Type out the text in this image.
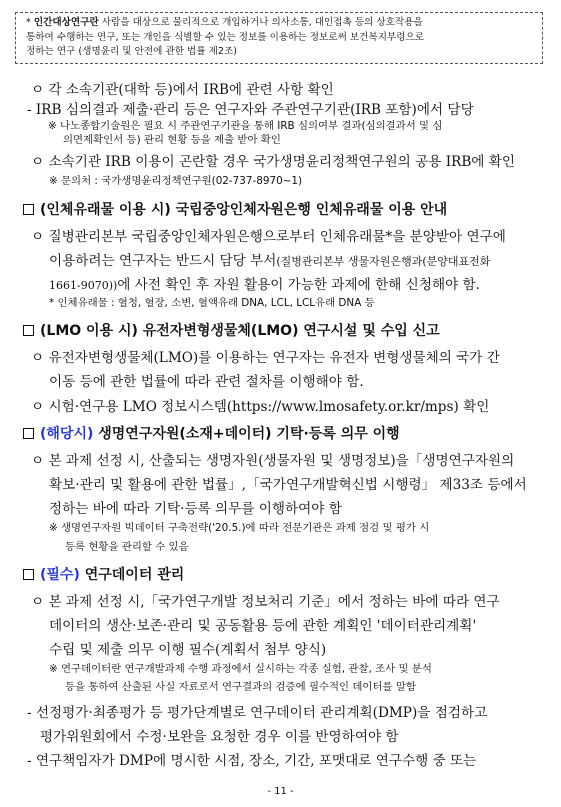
* 인간대상연구란 사람을 대상으로 물리적으로 개입하거나 의사소통, 대인접촉 등의 상호작용을
통하여 수행하는 연구, 또는 개인을 식별할 수 있는 정보를 이용하는 정보로써 보건복지부령으로
정하는 연구 (생명윤리 및 안전에 관한 법률 제2조)
ㅇ 각 소속기관(대학 등)에서 IRB에 관련 사항 확인
- IRB 심의결과 제출·관리 등은 연구자와 주관연구기관(IRB 포함)에서 담당
※ 나노종합기술원은 필요 시 주관연구기관을 통해 IRB 심의여부 결과(심의결과서 및 심
의면제확인서 등) 관리 현황 등을 제출 받아 확인
ㅇ 소속기관 IRB 이용이 곤란할 경우 국가생명윤리정책연구원의 공용 IRB에 확인
※ 문의처 : 국가생명윤리정책연구원(02-737-8970~1)
(인체유래물 이용 시) 국립중앙인체자원은행 인체유래물 이용 안내
ㅇ 질병관리본부 국립중앙인체자원은행으로부터 인체유래물*을 분양받아 연구에
이용하려는 연구자는 반드시 담당 부서(질병관리본부 생물자원은행과(분양대표전화
1661-9070))에 사전 확인 후 자원 활용이 가능한 과제에 한해 신청해야 함.
* 인체유래물 : 혈청, 혈장, 소변, 혈액유래 DNA, LCL, LCL유래 DNA 등
(LMO 이용 시) 유전자변형생물체(LMO) 연구시설 및 수입 신고
ㅇ 유전자변형생물체(LMO)를 이용하는 연구자는 유전자 변형생물체의 국가 간
이동 등에 관한 법률에 따라 관련 절차를 이행해야 함.
ㅇ 시험·연구용 LMO 정보시스템(https://www.lmosafety.or.kr/mps) 확인
(해당시) 생명연구자원(소재+데이터) 기탁·등록 의무 이행
ㅇ 본 과제 선정 시, 산출되는 생명자원(생물자원 및 생명정보)을「생명연구자원의
확보·관리 및 활용에 관한 법률」,「국가연구개발혁신법 시행령」 제33조 등에서
정하는 바에 따라 기탁·등록 의무를 이행하여야 함
※ 생명연구자원 빅데이터 구축전략('20.5.)에 따라 전문기관은 과제 점검 및 평가 시
등록 현황을 관리할 수 있음
(필수) 연구데이터 관리
ㅇ 본 과제 선정 시,「국가연구개발 정보처리 기준」에서 정하는 바에 따라 연구
데이터의 생산·보존·관리 및 공동활용 등에 관한 계획인 '데이터관리계획'
수립 및 제출 의무 이행 필수(계획서 첨부 양식)
※ 연구데이터란 연구개발과제 수행 과정에서 실시하는 각종 실험, 관찰, 조사 및 분석
등을 통하여 산출된 사실 자료로서 연구결과의 검증에 필수적인 데이터를 말함
- 선정평가·최종평가 등 평가단계별로 연구데이터 관리계획(DMP)을 점검하고
평가위원회에서 수정·보완을 요청한 경우 이를 반영하여야 함
- 연구책임자가 DMP에 명시한 시점, 장소, 기간, 포맷대로 연구수행 중 또는
- 11 -
